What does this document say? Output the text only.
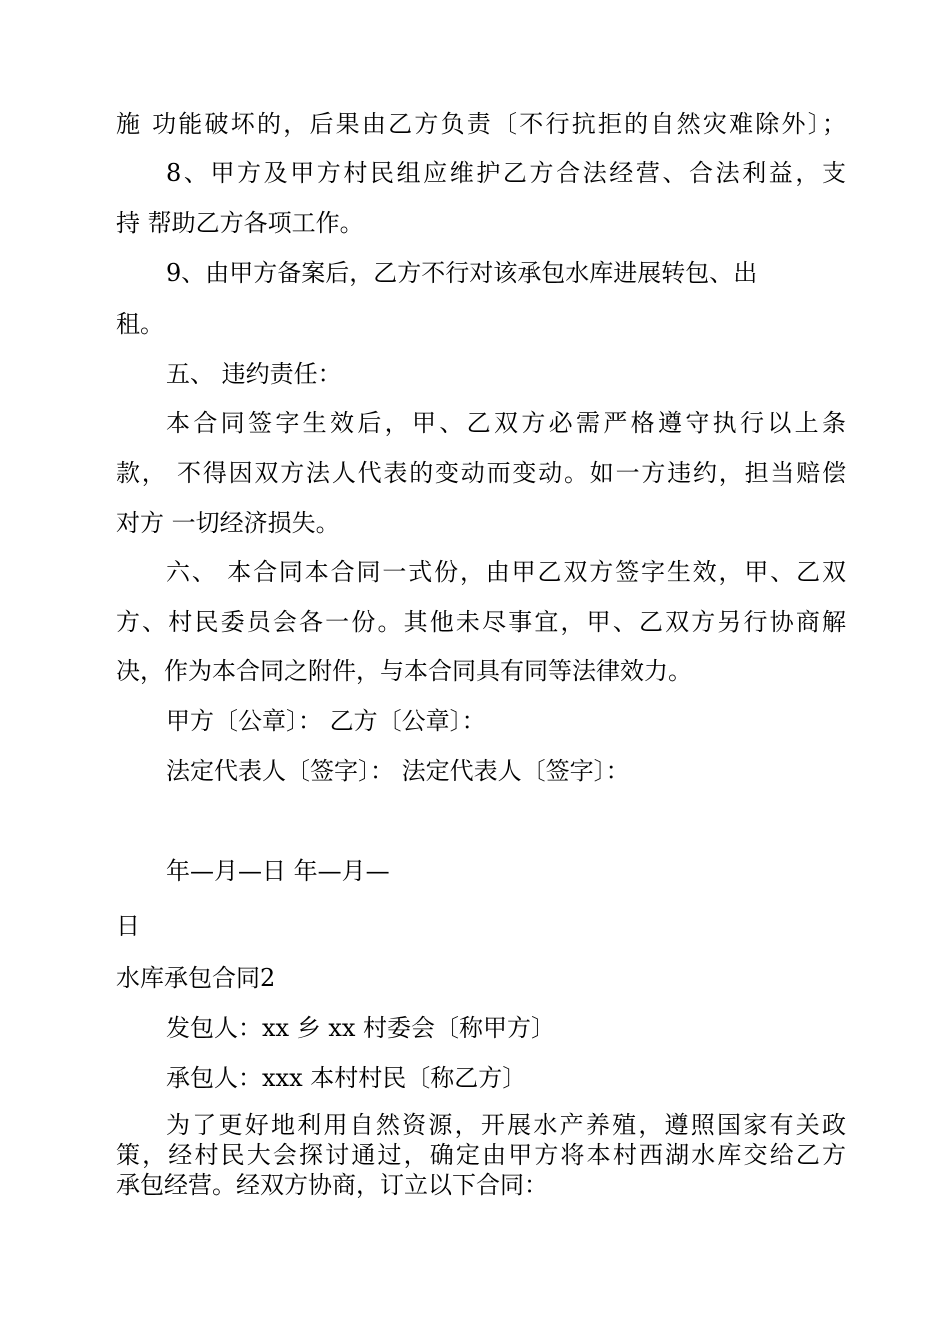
施 功能破坏的，后果由乙方负责〔不行抗拒的自然灾难除外〕；
8、甲方及甲方村民组应维护乙方合法经营、合法利益，支
持 帮助乙方各项工作。
9、由甲方备案后，乙方不行对该承包水库进展转包、出
租。
五、 违约责任：
本合同签字生效后，甲、乙双方必需严格遵守执行以上条
款， 不得因双方法人代表的变动而变动。如一方违约，担当赔偿
对方 一切经济损失。
六、 本合同本合同一式份，由甲乙双方签字生效，甲、乙双
方、村民委员会各一份。其他未尽事宜，甲、乙双方另行协商解
决，作为本合同之附件，与本合同具有同等法律效力。
甲方〔公章〕： 乙方〔公章〕：
法定代表人〔签字〕： 法定代表人〔签字〕：
年—月—日 年—月—
日
水库承包合同2
发包人：xx 乡 xx 村委会〔称甲方〕
承包人：xxx 本村村民〔称乙方〕
为了更好地利用自然资源，开展水产养殖，遵照国家有关政
策，经村民大会探讨通过，确定由甲方将本村西湖水库交给乙方
承包经营。经双方协商，订立以下合同：
